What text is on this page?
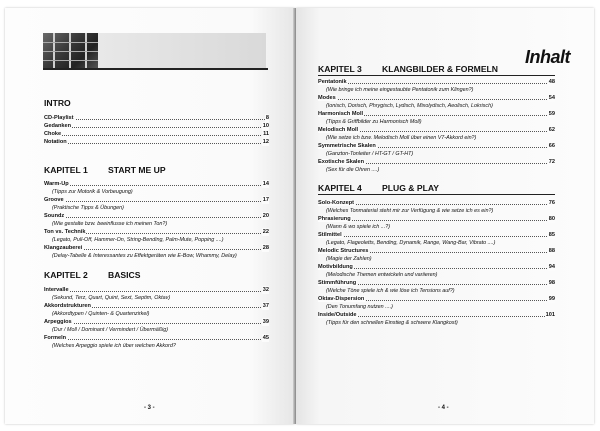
Inhalt
INTRO
CD-Playlist	8
Gedanken	10
Choke	11
Notation	12
KAPITEL 1 START ME UP
Warm-Up	14
(Tipps zur Motorik & Vorbeugung)
Groove	17
(Praktische Tipps & Übungen)
Soundz	20
(Wie gestalte bzw. beeinflusse ich meinen Ton?)
Ton vs. Technik	22
(Legato, Pull-Off, Hammer-On, String-Bending, Palm-Mute, Popping ....)
Klangzauberei	28
(Delay-Tabelle & Interessantes zu Effektgeräten wie E-Bow, Whammy, Delay)
KAPITEL 2 BASICS
Intervalle	32
(Sekund, Terz, Quart, Quint, Sext, Septim, Oktav)
Akkordstrukturen	37
(Akkordtypen / Quinten- & Quartenzirkel)
Arpeggios	39
(Dur / Moll / Dominant / Vermindert / Übermäßig)
Formeln	45
(Welches Arpeggio spiele ich über welchen Akkord?
- 3 -
KAPITEL 3 KLANGBILDER & FORMELN
Pentatonik	48
(Wie bringe ich meine eingestaubte Pentatonik zum Klingen?)
Modes	54
(Ionisch, Dorisch, Phrygisch, Lydisch, Mixolydisch, Aeolisch, Lokrisch)
Harmonisch Moll	59
(Tipps & Griffbilder zu Harmonisch Moll)
Melodisch Moll	62
(Wie setze ich bzw. Melodisch Moll über einen V7-Akkord ein?)
Symmetrische Skalen	66
(Ganzton-Tonleiter / HT-GT / GT-HT)
Exotische Skalen	72
(Sex für die Ohren ....)
KAPITEL 4 PLUG & PLAY
Solo-Konzept	76
(Welches Tonmaterial steht mir zur Verfügung & wie setze ich es ein?)
Phrasierung	80
(Wann & wo spiele ich ...?)
Stilmittel	85
(Legato, Flageoletts, Bending, Dynamik, Range, Wang-Bar, Vibrato ....)
Melodic Structures	88
(Magie der Zahlen)
Motivbildung	94
(Melodische Themen entwickeln und variieren)
Stimmführung	98
(Welche Töne spiele ich & wie löse ich Tensions auf?)
Oktav-Dispersion	99
(Den Tonumfang nutzen ....)
Inside/Outside	101
(Tipps für den schnellen Einstieg & schwere Klangkost)
- 4 -
